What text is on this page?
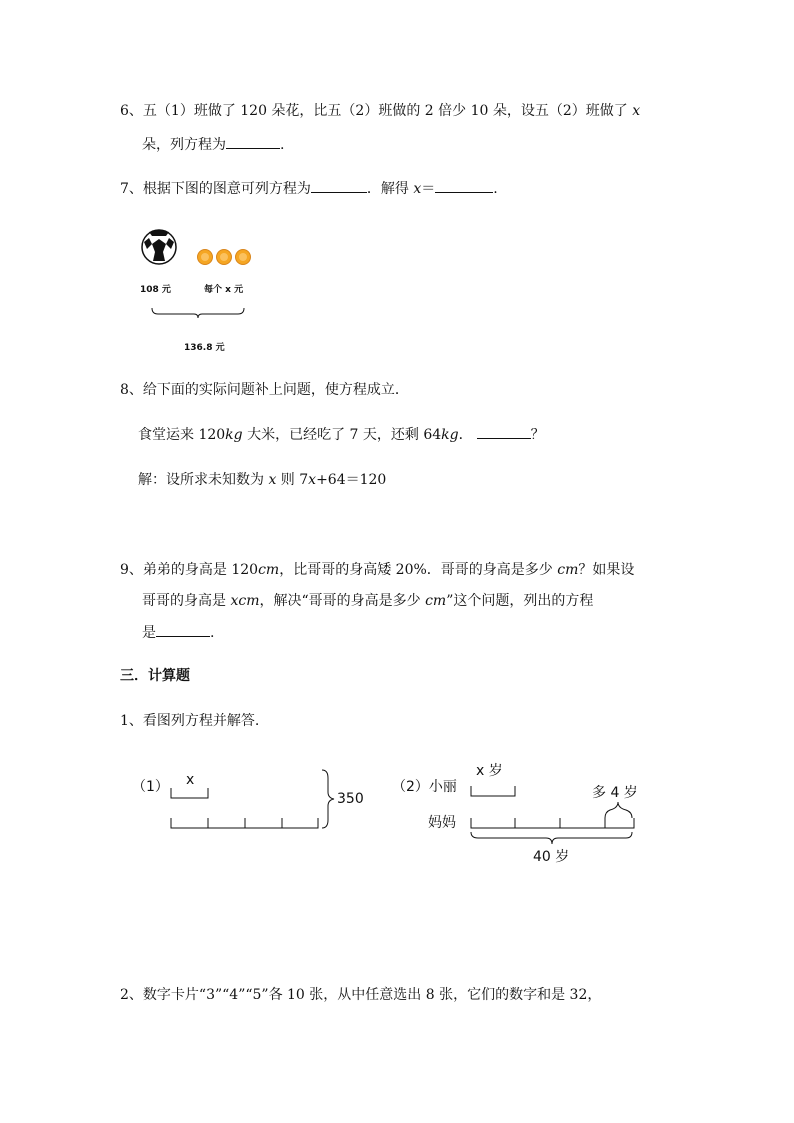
6、五（1）班做了 120 朵花，比五（2）班做的 2 倍少 10 朵，设五（2）班做了 x
朵，列方程为	.
7、根据下图的图意可列方程为	．解得 x＝	.
108 元	每个 x 元
136.8 元
8、给下面的实际问题补上问题，使方程成立．
食堂运来 120kg 大米，已经吃了 7 天，还剩 64kg．	？
解：设所求未知数为 x 则 7x+64＝120
9、弟弟的身高是 120cm，比哥哥的身高矮 20%．哥哥的身高是多少 cm？如果设
哥哥的身高是 xcm，解决“哥哥的身高是多少 cm”这个问题，列出的方程
是	.
三．计算题
1、看图列方程并解答.
（1） x
350
（2）小丽
x 岁
妈妈
多 4 岁
40 岁
2、数字卡片“3”“4”“5”各 10 张，从中任意选出 8 张，它们的数字和是 32，
